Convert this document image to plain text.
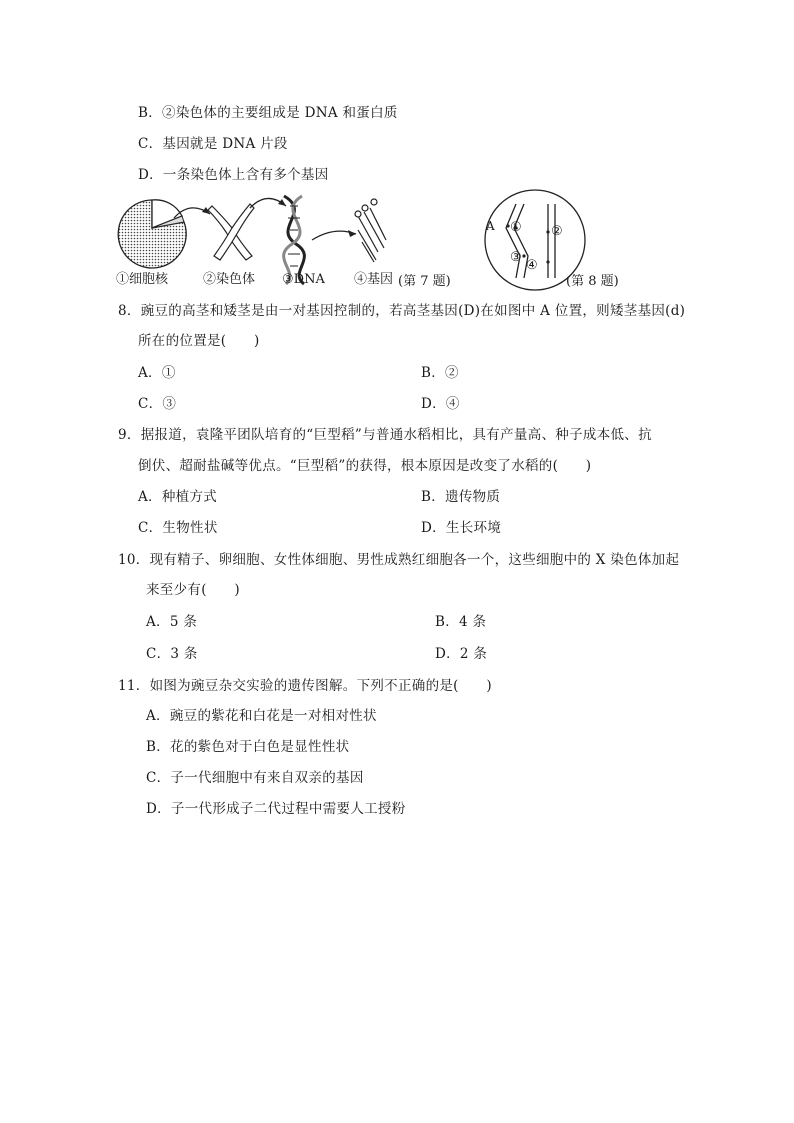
B．②染色体的主要组成是 DNA 和蛋白质
C．基因就是 DNA 片段
D．一条染色体上含有多个基因
①细胞核	②染色体 ③DNA ④基因 (第 7 题)
A ① ②
③
④
(第 8 题)
8．豌豆的高茎和矮茎是由一对基因控制的，若高茎基因(D)在如图中 A 位置，则矮茎基因(d)
所在的位置是(　　)
A．①	B．②
C．③	D．④
9．据报道，袁隆平团队培育的“巨型稻”与普通水稻相比，具有产量高、种子成本低、抗
倒伏、超耐盐碱等优点。“巨型稻”的获得，根本原因是改变了水稻的(　　)
A．种植方式	B．遗传物质
C．生物性状	D．生长环境
10．现有精子、卵细胞、女性体细胞、男性成熟红细胞各一个，这些细胞中的 X 染色体加起
来至少有(　　)
A．5 条	B．4 条
C．3 条	D．2 条
11．如图为豌豆杂交实验的遗传图解。下列不正确的是(　　)
A．豌豆的紫花和白花是一对相对性状
B．花的紫色对于白色是显性性状
C．子一代细胞中有来自双亲的基因
D．子一代形成子二代过程中需要人工授粉
